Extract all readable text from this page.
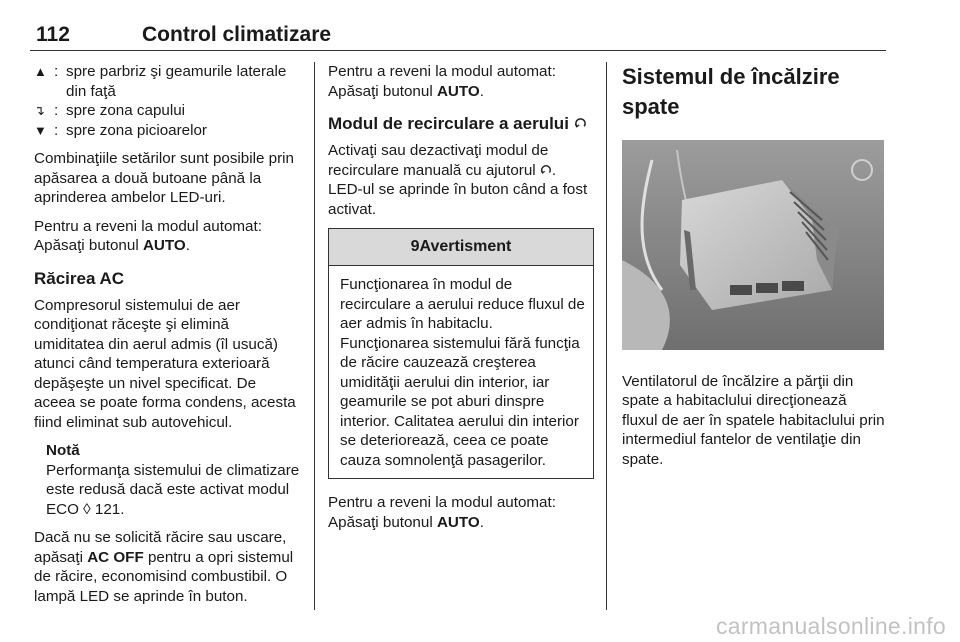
112	Control climatizare
▲ : spre parbriz şi geamurile laterale din faţă
↴ : spre zona capului
▼ : spre zona picioarelor

Combinaţiile setărilor sunt posibile prin apăsarea a două butoane până la aprinderea ambelor LED-uri.

Pentru a reveni la modul automat: Apăsaţi butonul AUTO.

Răcirea AC

Compresorul sistemului de aer condiţionat răceşte şi elimină umiditatea din aerul admis (îl usucă) atunci când temperatura exterioară depăşeşte un nivel specificat. De aceea se poate forma condens, acesta fiind eliminat sub autovehicul.

Notă
Performanţa sistemului de climatizare este redusă dacă este activat modul ECO ◊ 121.

Dacă nu se solicită răcire sau uscare, apăsaţi AC OFF pentru a opri sistemul de răcire, economisind combustibil. O lampă LED se aprinde în buton.

Pentru a reveni la modul automat: Apăsaţi butonul AUTO.

Modul de recirculare a aerului

Activaţi sau dezactivaţi modul de recirculare manuală cu ajutorul . LED-ul se aprinde în buton când a fost activat.

9 Avertisment
Funcţionarea în modul de recirculare a aerului reduce fluxul de aer admis în habitaclu. Funcţionarea sistemului fără funcţia de răcire cauzează creşterea umidităţii aerului din interior, iar geamurile se pot aburi dinspre interior. Calitatea aerului din interior se deteriorează, ceea ce poate cauza somnolenţă pasagerilor.

Pentru a reveni la modul automat: Apăsaţi butonul AUTO.

Sistemul de încălzire spate

Ventilatorul de încălzire a părţii din spate a habitaclului direcţionează fluxul de aer în spatele habitaclului prin intermediul fantelor de ventilaţie din spate.

carmanualsonline.info
